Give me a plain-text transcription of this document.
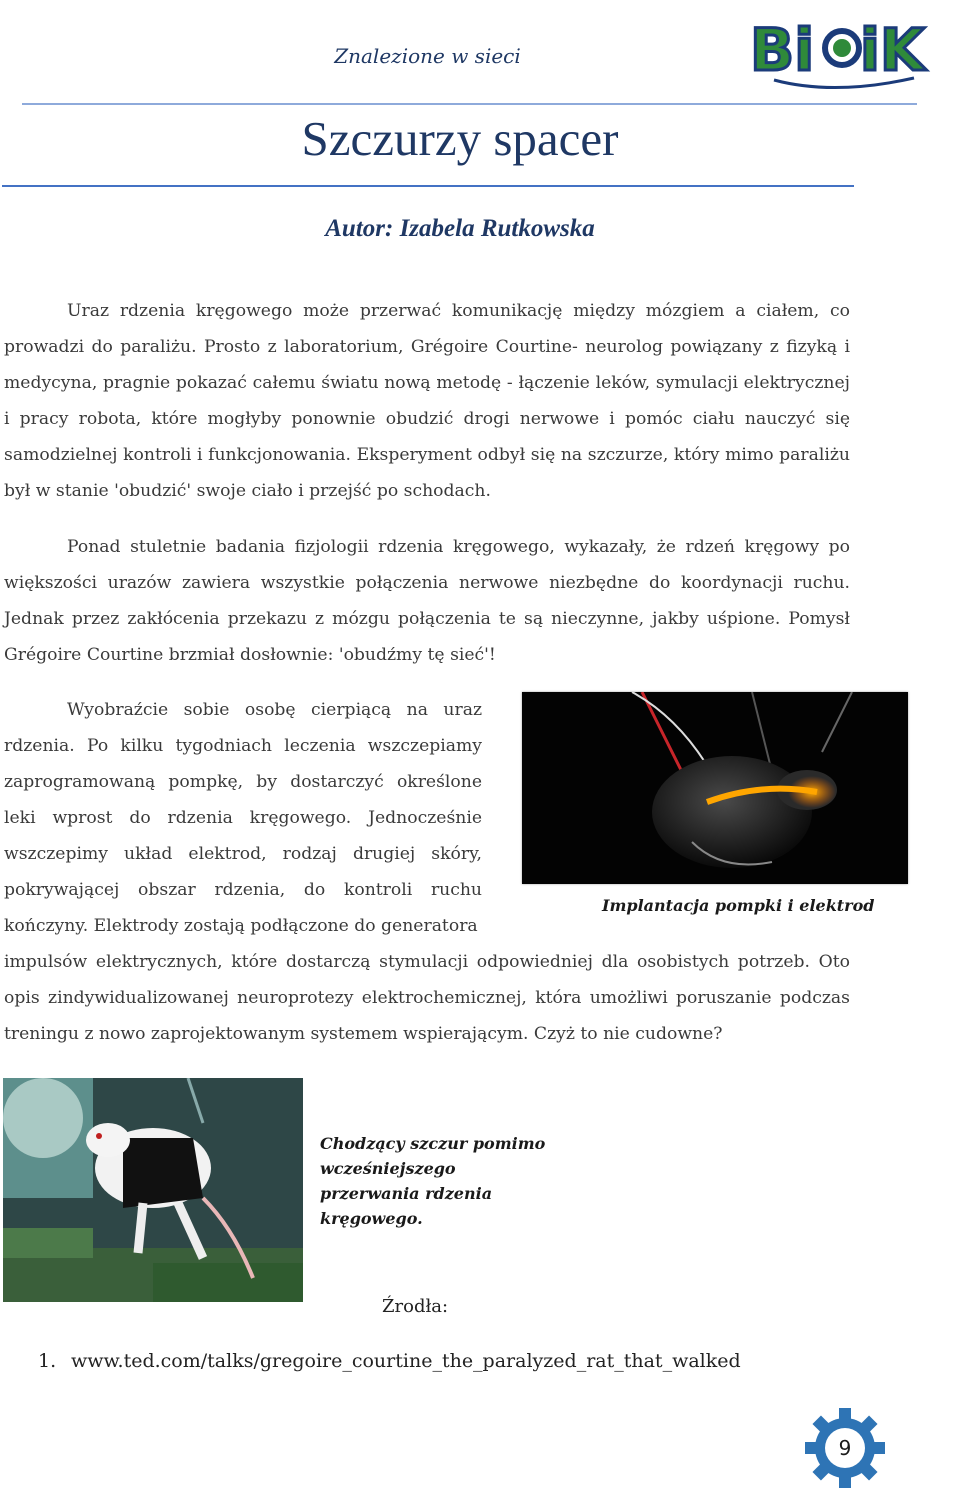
Znalezione w sieci	Bi iK
Szczurzy spacer
Autor: Izabela Rutkowska

Uraz rdzenia kręgowego może przerwać komunikację między mózgiem a ciałem, co prowadzi do paraliżu. Prosto z laboratorium, Grégoire Courtine- neurolog powiązany z fizyką i medycyna, pragnie pokazać całemu światu nową metodę - łączenie leków, symulacji elektrycznej i pracy robota, które mogłyby ponownie obudzić drogi nerwowe i pomóc ciału nauczyć się samodzielnej kontroli i funkcjonowania. Eksperyment odbył się na szczurze, który mimo paraliżu był w stanie 'obudzić' swoje ciało i przejść po schodach.

Ponad stuletnie badania fizjologii rdzenia kręgowego, wykazały, że rdzeń kręgowy po większości urazów zawiera wszystkie połączenia nerwowe niezbędne do koordynacji ruchu. Jednak przez zakłócenia przekazu z mózgu połączenia te są nieczynne, jakby uśpione. Pomysł Grégoire Courtine brzmiał dosłownie: 'obudźmy tę sieć'!

Wyobraźcie sobie osobę cierpiącą na uraz rdzenia. Po kilku tygodniach leczenia wszczepiamy zaprogramowaną pompkę, by dostarczyć określone leki wprost do rdzenia kręgowego. Jednocześnie wszczepimy układ elektrod, rodzaj drugiej skóry, pokrywającej obszar rdzenia, do kontroli ruchu kończyny. Elektrody zostają podłączone do generatora

Implantacja pompki i elektrod

impulsów elektrycznych, które dostarczą stymulacji odpowiedniej dla osobistych potrzeb. Oto opis zindywidualizowanej neuroprotezy elektrochemicznej, która umożliwi poruszanie podczas treningu z nowo zaprojektowanym systemem wspierającym. Czyż to nie cudowne?

Chodzący szczur pomimo wcześniejszego przerwania rdzenia kręgowego.
Źrodła:
1. www.ted.com/talks/gregoire_courtine_the_paralyzed_rat_that_walked
9
